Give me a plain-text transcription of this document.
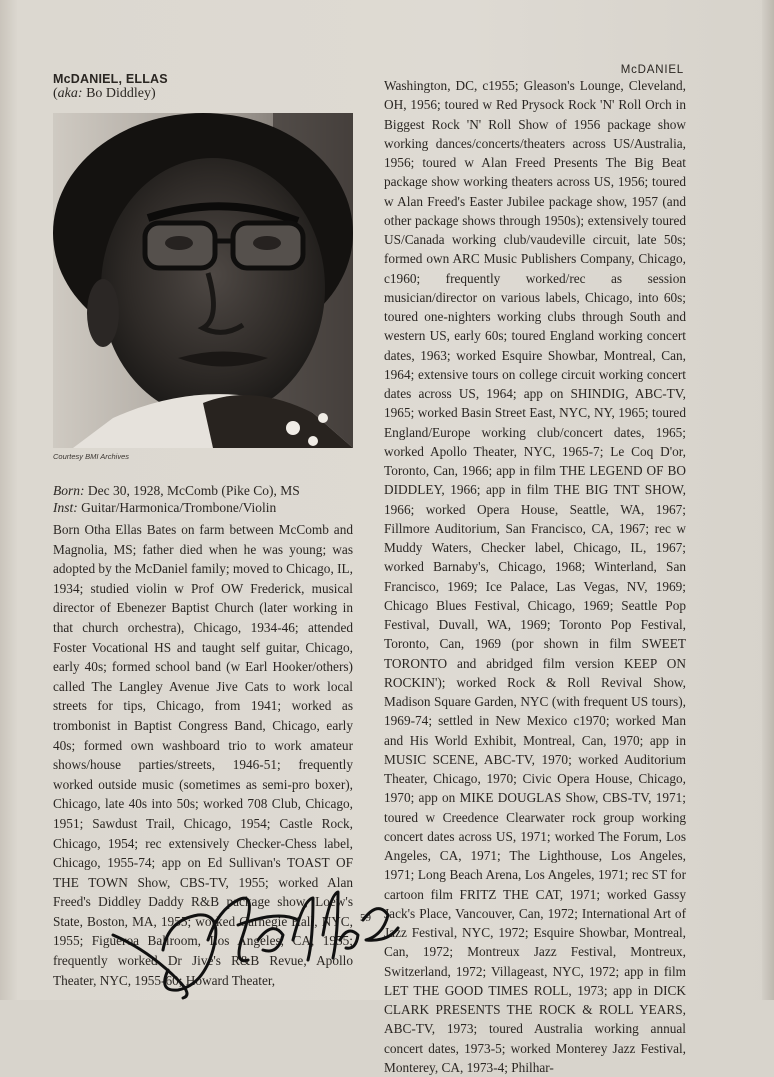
McDANIEL

McDANIEL, ELLAS

(aka: Bo Diddley)

Courtesy BMI Archives
Born: Dec 30, 1928, McComb (Pike Co), MS
Inst: Guitar/Harmonica/Trombone/Violin

Born Otha Ellas Bates on farm between McComb and Magnolia, MS; father died when he was young; was adopted by the McDaniel family; moved to Chicago, IL, 1934; studied violin w Prof OW Frederick, musical director of Ebenezer Baptist Church (later working in that church orchestra), Chicago, 1934-46; attended Foster Vocational HS and taught self guitar, Chicago, early 40s; formed school band (w Earl Hooker/others) called The Langley Avenue Jive Cats to work local streets for tips, Chicago, from 1941; worked as trombonist in Baptist Congress Band, Chicago, early 40s; formed own washboard trio to work amateur shows/house parties/streets, 1946-51; frequently worked outside music (sometimes as semi-pro boxer), Chicago, late 40s into 50s; worked 708 Club, Chicago, 1951; Sawdust Trail, Chicago, 1954; Castle Rock, Chicago, 1954; rec extensively Checker-Chess label, Chicago, 1955-74; app on Ed Sullivan's TOAST OF THE TOWN Show, CBS-TV, 1955; worked Alan Freed's Diddley Daddy R&B package show, Loew's State, Boston, MA, 1955; worked Carnegie Hall, NYC, 1955; Figueroa Ballroom, Los Angeles, CA, 1955; frequently worked Dr Jive's R&B Revue, Apollo Theater, NYC, 1955-60; Howard Theater,

Washington, DC, c1955; Gleason's Lounge, Cleveland, OH, 1956; toured w Red Prysock Rock 'N' Roll Orch in Biggest Rock 'N' Roll Show of 1956 package show working dances/concerts/theaters across US/Australia, 1956; toured w Alan Freed Presents The Big Beat package show working theaters across US, 1956; toured w Alan Freed's Easter Jubilee package show, 1957 (and other package shows through 1950s); extensively toured US/Canada working club/vaudeville circuit, late 50s; formed own ARC Music Publishers Company, Chicago, c1960; frequently worked/rec as session musician/director on various labels, Chicago, into 60s; toured one-nighters working clubs through South and western US, early 60s; toured England working concert dates, 1963; worked Esquire Showbar, Montreal, Can, 1964; extensive tours on college circuit working concert dates across US, 1964; app on SHINDIG, ABC-TV, 1965; worked Basin Street East, NYC, NY, 1965; toured England/Europe working club/concert dates, 1965; worked Apollo Theater, NYC, 1965-7; Le Coq D'or, Toronto, Can, 1966; app in film THE LEGEND OF BO DIDDLEY, 1966; app in film THE BIG TNT SHOW, 1966; worked Opera House, Seattle, WA, 1967; Fillmore Auditorium, San Francisco, CA, 1967; rec w Muddy Waters, Checker label, Chicago, IL, 1967; worked Barnaby's, Chicago, 1968; Winterland, San Francisco, 1969; Ice Palace, Las Vegas, NV, 1969; Chicago Blues Festival, Chicago, 1969; Seattle Pop Festival, Duvall, WA, 1969; Toronto Pop Festival, Toronto, Can, 1969 (por shown in film SWEET TORONTO and abridged film version KEEP ON ROCKIN'); worked Rock & Roll Revival Show, Madison Square Garden, NYC (with frequent US tours), 1969-74; settled in New Mexico c1970; worked Man and His World Exhibit, Montreal, Can, 1970; app in MUSIC SCENE, ABC-TV, 1970; worked Auditorium Theater, Chicago, 1970; Civic Opera House, Chicago, 1970; app on MIKE DOUGLAS Show, CBS-TV, 1971; toured w Creedence Clearwater rock group working concert dates across US, 1971; worked The Forum, Los Angeles, CA, 1971; The Lighthouse, Los Angeles, 1971; Long Beach Arena, Los Angeles, 1971; rec ST for cartoon film FRITZ THE CAT, 1971; worked Gassy Jack's Place, Vancouver, Can, 1972; International Art of Jazz Festival, NYC, 1972; Esquire Showbar, Montreal, Can, 1972; Montreux Jazz Festival, Montreux, Switzerland, 1972; Villageast, NYC, 1972; app in film LET THE GOOD TIMES ROLL, 1973; app in DICK CLARK PRESENTS THE ROCK & ROLL YEARS, ABC-TV, 1973; toured Australia working annual concert dates, 1973-5; worked Monterey Jazz Festival, Monterey, CA, 1973-4; Philhar-

59
